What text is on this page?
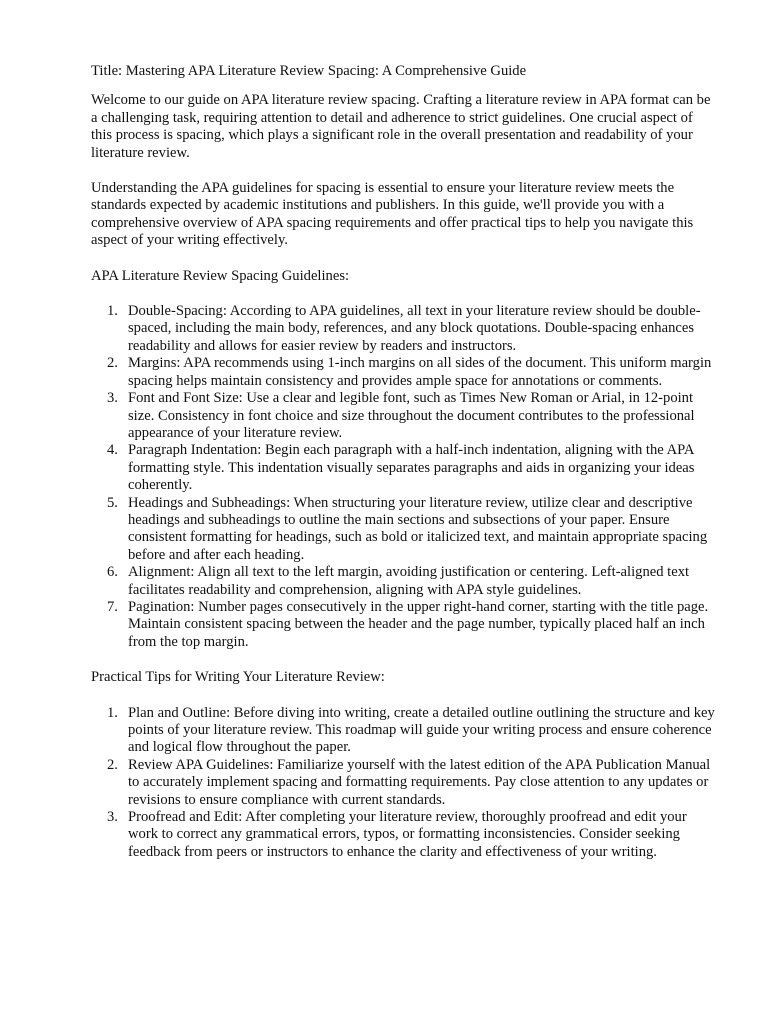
Title: Mastering APA Literature Review Spacing: A Comprehensive Guide

Welcome to our guide on APA literature review spacing. Crafting a literature review in APA format can be a challenging task, requiring attention to detail and adherence to strict guidelines. One crucial aspect of this process is spacing, which plays a significant role in the overall presentation and readability of your literature review.

Understanding the APA guidelines for spacing is essential to ensure your literature review meets the standards expected by academic institutions and publishers. In this guide, we'll provide you with a comprehensive overview of APA spacing requirements and offer practical tips to help you navigate this aspect of your writing effectively.

APA Literature Review Spacing Guidelines:

1. Double-Spacing: According to APA guidelines, all text in your literature review should be double-spaced, including the main body, references, and any block quotations. Double-spacing enhances readability and allows for easier review by readers and instructors.
2. Margins: APA recommends using 1-inch margins on all sides of the document. This uniform margin spacing helps maintain consistency and provides ample space for annotations or comments.
3. Font and Font Size: Use a clear and legible font, such as Times New Roman or Arial, in 12-point size. Consistency in font choice and size throughout the document contributes to the professional appearance of your literature review.
4. Paragraph Indentation: Begin each paragraph with a half-inch indentation, aligning with the APA formatting style. This indentation visually separates paragraphs and aids in organizing your ideas coherently.
5. Headings and Subheadings: When structuring your literature review, utilize clear and descriptive headings and subheadings to outline the main sections and subsections of your paper. Ensure consistent formatting for headings, such as bold or italicized text, and maintain appropriate spacing before and after each heading.
6. Alignment: Align all text to the left margin, avoiding justification or centering. Left-aligned text facilitates readability and comprehension, aligning with APA style guidelines.
7. Pagination: Number pages consecutively in the upper right-hand corner, starting with the title page. Maintain consistent spacing between the header and the page number, typically placed half an inch from the top margin.

Practical Tips for Writing Your Literature Review:

1. Plan and Outline: Before diving into writing, create a detailed outline outlining the structure and key points of your literature review. This roadmap will guide your writing process and ensure coherence and logical flow throughout the paper.
2. Review APA Guidelines: Familiarize yourself with the latest edition of the APA Publication Manual to accurately implement spacing and formatting requirements. Pay close attention to any updates or revisions to ensure compliance with current standards.
3. Proofread and Edit: After completing your literature review, thoroughly proofread and edit your work to correct any grammatical errors, typos, or formatting inconsistencies. Consider seeking feedback from peers or instructors to enhance the clarity and effectiveness of your writing.
